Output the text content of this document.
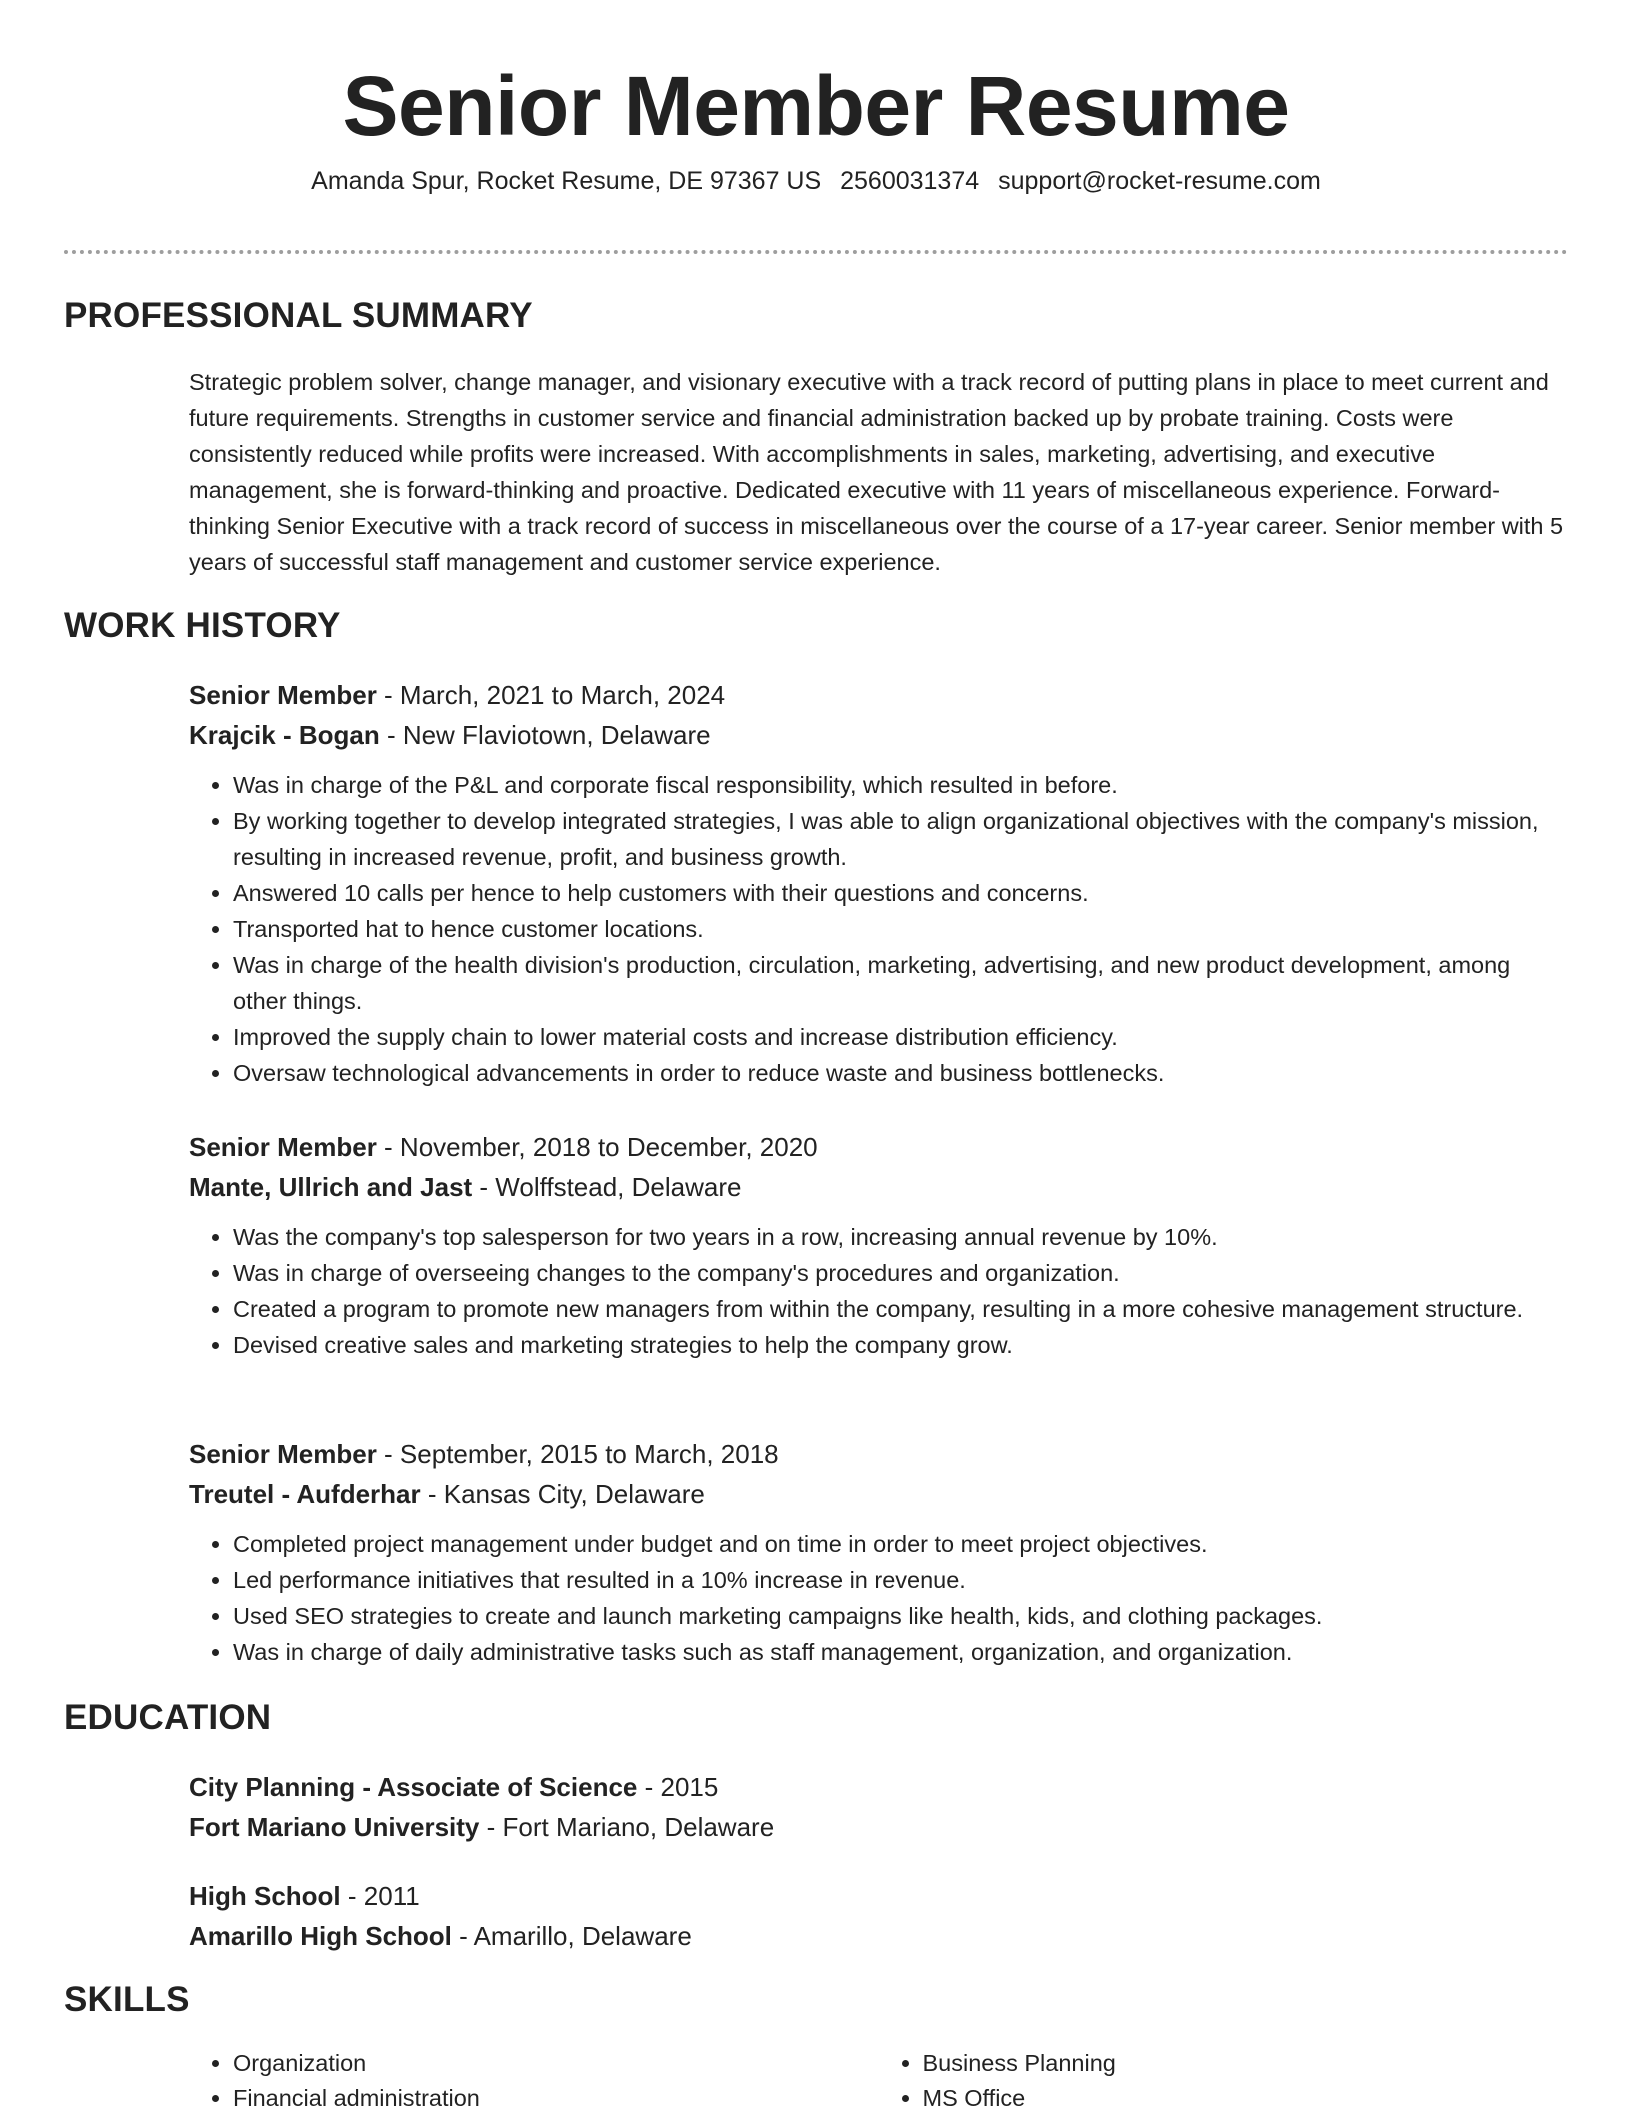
Senior Member Resume

Amanda Spur, Rocket Resume, DE 97367 US 2560031374 support@rocket-resume.com

PROFESSIONAL SUMMARY

Strategic problem solver, change manager, and visionary executive with a track record of putting plans in place to meet current and future requirements. Strengths in customer service and financial administration backed up by probate training. Costs were consistently reduced while profits were increased. With accomplishments in sales, marketing, advertising, and executive management, she is forward-thinking and proactive. Dedicated executive with 11 years of miscellaneous experience. Forward-thinking Senior Executive with a track record of success in miscellaneous over the course of a 17-year career. Senior member with 5 years of successful staff management and customer service experience.

WORK HISTORY

Senior Member - March, 2021 to March, 2024

Krajcik - Bogan - New Flaviotown, Delaware

• Was in charge of the P&L and corporate fiscal responsibility, which resulted in before.
• By working together to develop integrated strategies, I was able to align organizational objectives with the company's mission, resulting in increased revenue, profit, and business growth.
• Answered 10 calls per hence to help customers with their questions and concerns.
• Transported hat to hence customer locations.
• Was in charge of the health division's production, circulation, marketing, advertising, and new product development, among other things.
• Improved the supply chain to lower material costs and increase distribution efficiency.
• Oversaw technological advancements in order to reduce waste and business bottlenecks.

Senior Member - November, 2018 to December, 2020

Mante, Ullrich and Jast - Wolffstead, Delaware

• Was the company's top salesperson for two years in a row, increasing annual revenue by 10%.
• Was in charge of overseeing changes to the company's procedures and organization.
• Created a program to promote new managers from within the company, resulting in a more cohesive management structure.
• Devised creative sales and marketing strategies to help the company grow.

Senior Member - September, 2015 to March, 2018

Treutel - Aufderhar - Kansas City, Delaware

• Completed project management under budget and on time in order to meet project objectives.
• Led performance initiatives that resulted in a 10% increase in revenue.
• Used SEO strategies to create and launch marketing campaigns like health, kids, and clothing packages.
• Was in charge of daily administrative tasks such as staff management, organization, and organization.
EDUCATION

City Planning - Associate of Science - 2015

Fort Mariano University - Fort Mariano, Delaware

High School - 2011

Amarillo High School - Amarillo, Delaware

SKILLS
• Organization
• Financial administration
• Business Planning
• MS Office
